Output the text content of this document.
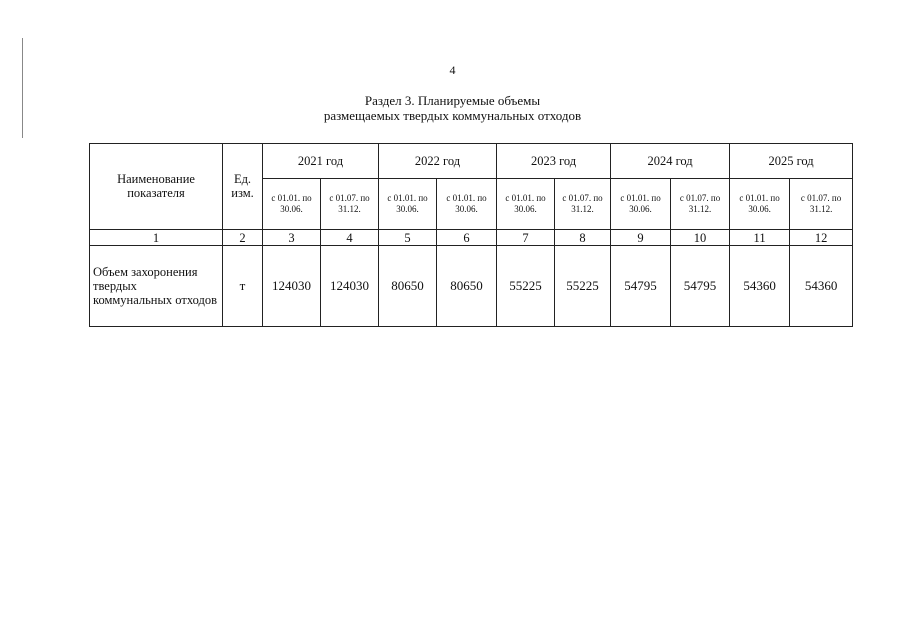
4
Раздел 3. Планируемые объемы
размещаемых твердых коммунальных отходов
Наименование показателя	Ед. изм.	2021 год		2022 год		2023 год		2024 год		2025 год	
		с 01.01. по 30.06.	с 01.07. по 31.12.	с 01.01. по 30.06.	с 01.01. по 30.06.	с 01.01. по 30.06.	с 01.07. по 31.12.	с 01.01. по 30.06.	с 01.07. по 31.12.	с 01.01. по 30.06.	с 01.07. по 31.12.
1	2	3	4	5	6	7	8	9	10	11	12
Объем захоронения твердых коммунальных отходов	т	124030	124030	80650	80650	55225	55225	54795	54795	54360	54360
